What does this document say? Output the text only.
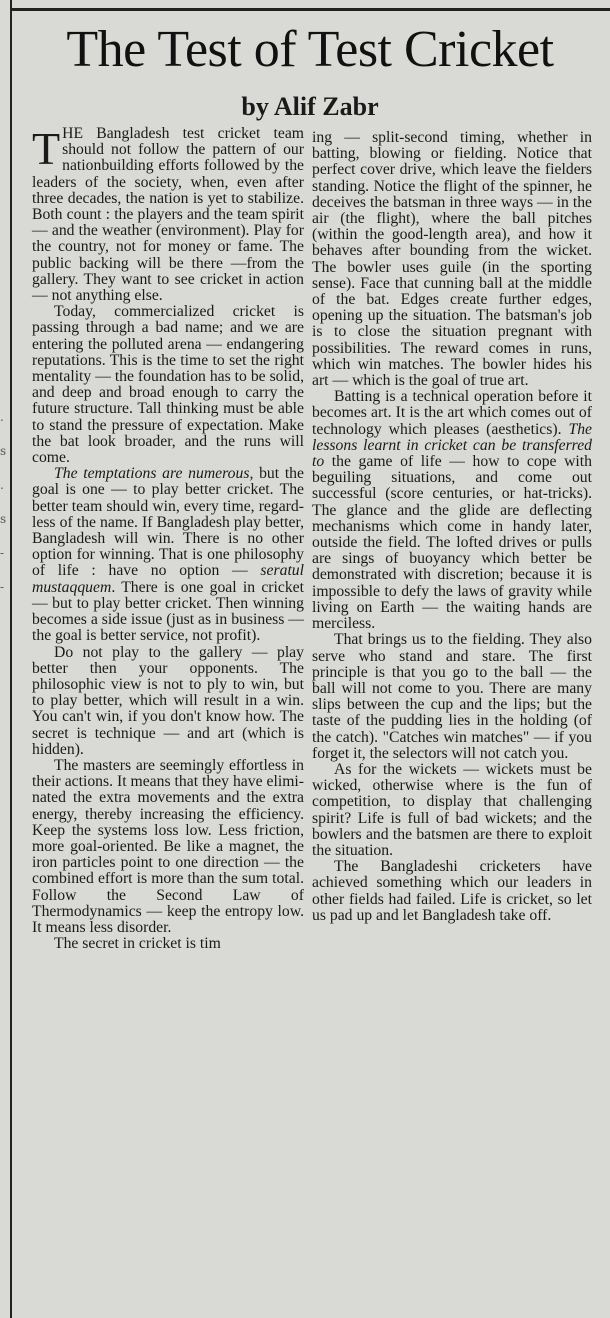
.
s
.
s
-
-
The Test of Test Cricket
by Alif Zabr

THE Bangladesh test cricket team should not follow the pattern of our nationbuilding efforts followed by the leaders of the society, when, even after three decades, the nation is yet to stabilize. Both count : the players and the team spirit — and the weather (environment). Play for the country, not for money or fame. The public backing will be there —from the gallery. They want to see cricket in action — not anything else.

Today, commercialized cricket is passing through a bad name; and we are entering the polluted arena — endangering reputations. This is the time to set the right mentality — the foundation has to be solid, and deep and broad enough to carry the future structure. Tall thinking must be able to stand the pressure of expectation. Make the bat look broader, and the runs will come.

The temptations are numerous, but the goal is one — to play better cricket. The better team should win, every time, regardless of the name. If Bangladesh play better, Bangladesh will win. There is no other option for winning. That is one philosophy of life : have no option — seratul mustaqquem. There is one goal in cricket — but to play better cricket. Then winning becomes a side issue (just as in business — the goal is better service, not profit).

Do not play to the gallery — play better then your opponents. The philosophic view is not to ply to win, but to play better, which will result in a win. You can't win, if you don't know how. The secret is technique — and art (which is hidden).

The masters are seemingly effortless in their actions. It means that they have eliminated the extra movements and the extra energy, thereby increasing the efficiency. Keep the systems loss low. Less friction, more goal-oriented. Be like a magnet, the iron particles point to one direction — the combined effort is more than the sum total. Follow the Second Law of Thermodynamics — keep the entropy low. It means less disorder.

The secret in cricket is tim

ing — split-second timing, whether in batting, blowing or fielding. Notice that perfect cover drive, which leave the fielders standing. Notice the flight of the spinner, he deceives the batsman in three ways — in the air (the flight), where the ball pitches (within the good-length area), and how it behaves after bounding from the wicket. The bowler uses guile (in the sporting sense). Face that cunning ball at the middle of the bat. Edges create further edges, opening up the situation. The batsman's job is to close the situation pregnant with possibilities. The reward comes in runs, which win matches. The bowler hides his art — which is the goal of true art.

Batting is a technical operation before it becomes art. It is the art which comes out of technology which pleases (aesthetics). The lessons learnt in cricket can be transferred to the game of life — how to cope with beguiling situations, and come out successful (score centuries, or hat-tricks). The glance and the glide are deflecting mechanisms which come in handy later, outside the field. The lofted drives or pulls are sings of buoyancy which better be demonstrated with discretion; because it is impossible to defy the laws of gravity while living on Earth — the waiting hands are merciless.

That brings us to the fielding. They also serve who stand and stare. The first principle is that you go to the ball — the ball will not come to you. There are many slips between the cup and the lips; but the taste of the pudding lies in the holding (of the catch). "Catches win matches" — if you forget it, the selectors will not catch you.

As for the wickets — wickets must be wicked, otherwise where is the fun of competition, to display that challenging spirit? Life is full of bad wickets; and the bowlers and the batsmen are there to exploit the situation.

The Bangladeshi cricketers have achieved something which our leaders in other fields had failed. Life is cricket, so let us pad up and let Bangladesh take off.
